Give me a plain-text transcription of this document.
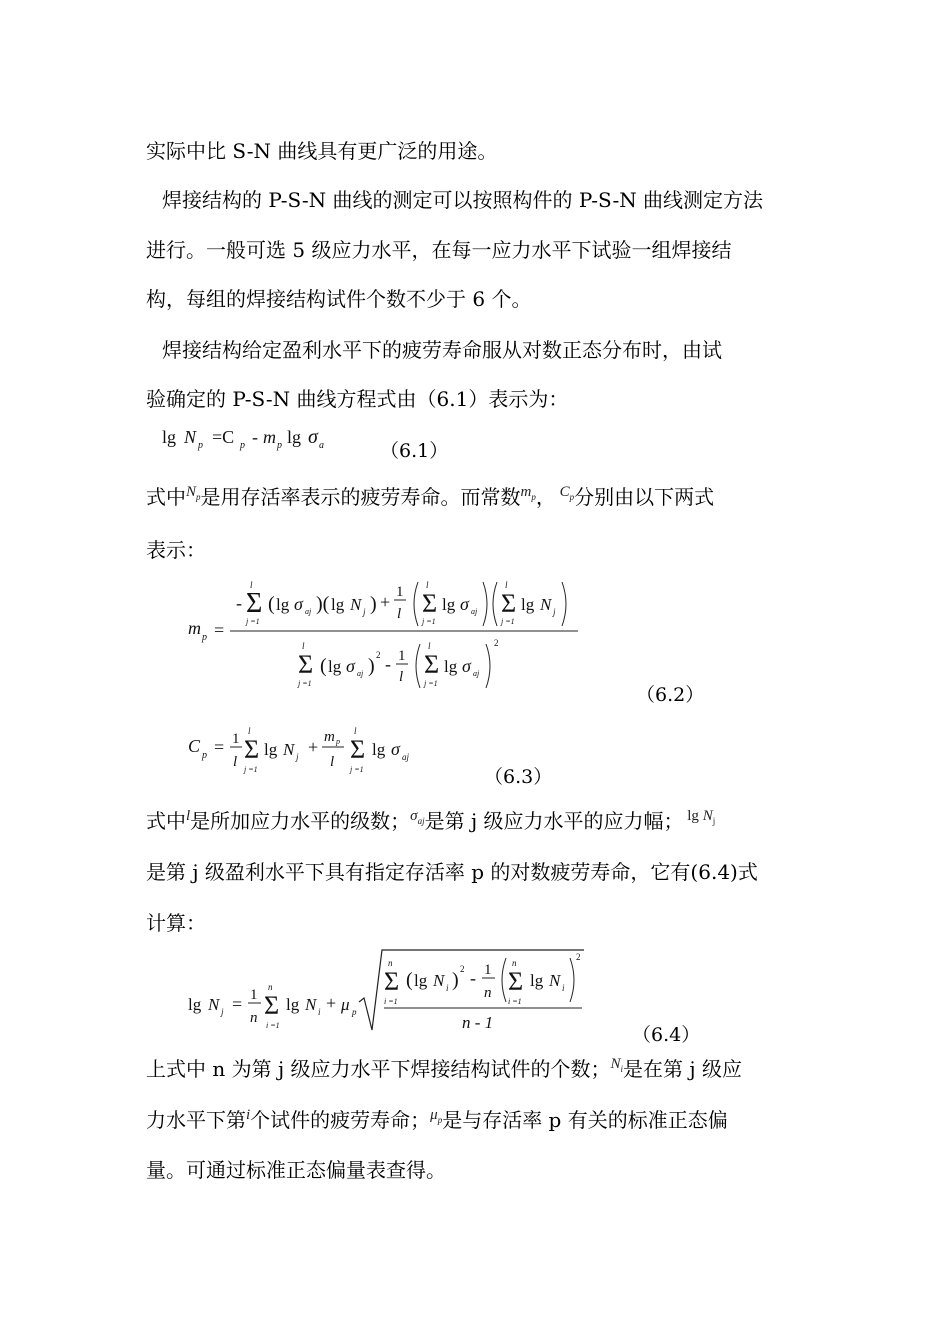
实际中比 S-N 曲线具有更广泛的用途。
焊接结构的 P-S-N 曲线的测定可以按照构件的 P-S-N 曲线测定方法
进行。一般可选 5 级应力水平，在每一应力水平下试验一组焊接结
构，每组的焊接结构试件个数不少于 6 个。
焊接结构给定盈利水平下的疲劳寿命服从对数正态分布时，由试
验确定的 P-S-N 曲线方程式由（6.1）表示为：
lg N p =C p - m p lg σ a	（6.1）
式中$^{N_p}$是用存活率表示的疲劳寿命。而常数$^{m_p}$， $^{C_p}$分别由以下两式
表示：
m p =
- Σ
l
j =1
( lg σ aj )( lg N j ) + 1
l Σ
l
j =1
lg σ aj Σ
l
j =1
lg N j
Σ
l
j =1
( lg σ aj ) 2 - 1
l Σ
l
j =1
lg σ aj
2
（6.2）
C p = 1
l Σ
l
j =1
lg N j + m p
l Σ
l
j =1
lg σ aj
（6.3）
式中$^l$是所加应力水平的级数；$^{\sigma_{aj}}$是第 j 级应力水平的应力幅； $^{lg N_j}$
是第 j 级盈利水平下具有指定存活率 p 的对数疲劳寿命，它有(6.4)式
计算：
lg N j = 1
n Σ
n
i =1
lg N i + μ p
Σ
n
i =1
( lg N i ) 2 - 1
n Σ
n
i =1
lg N i
2
n - 1
（6.4）
上式中 n 为第 j 级应力水平下焊接结构试件的个数；$^{N_i}$是在第 j 级应
力水平下第$^i$个试件的疲劳寿命；$^{\mu_p}$是与存活率 p 有关的标准正态偏
量。可通过标准正态偏量表查得。
